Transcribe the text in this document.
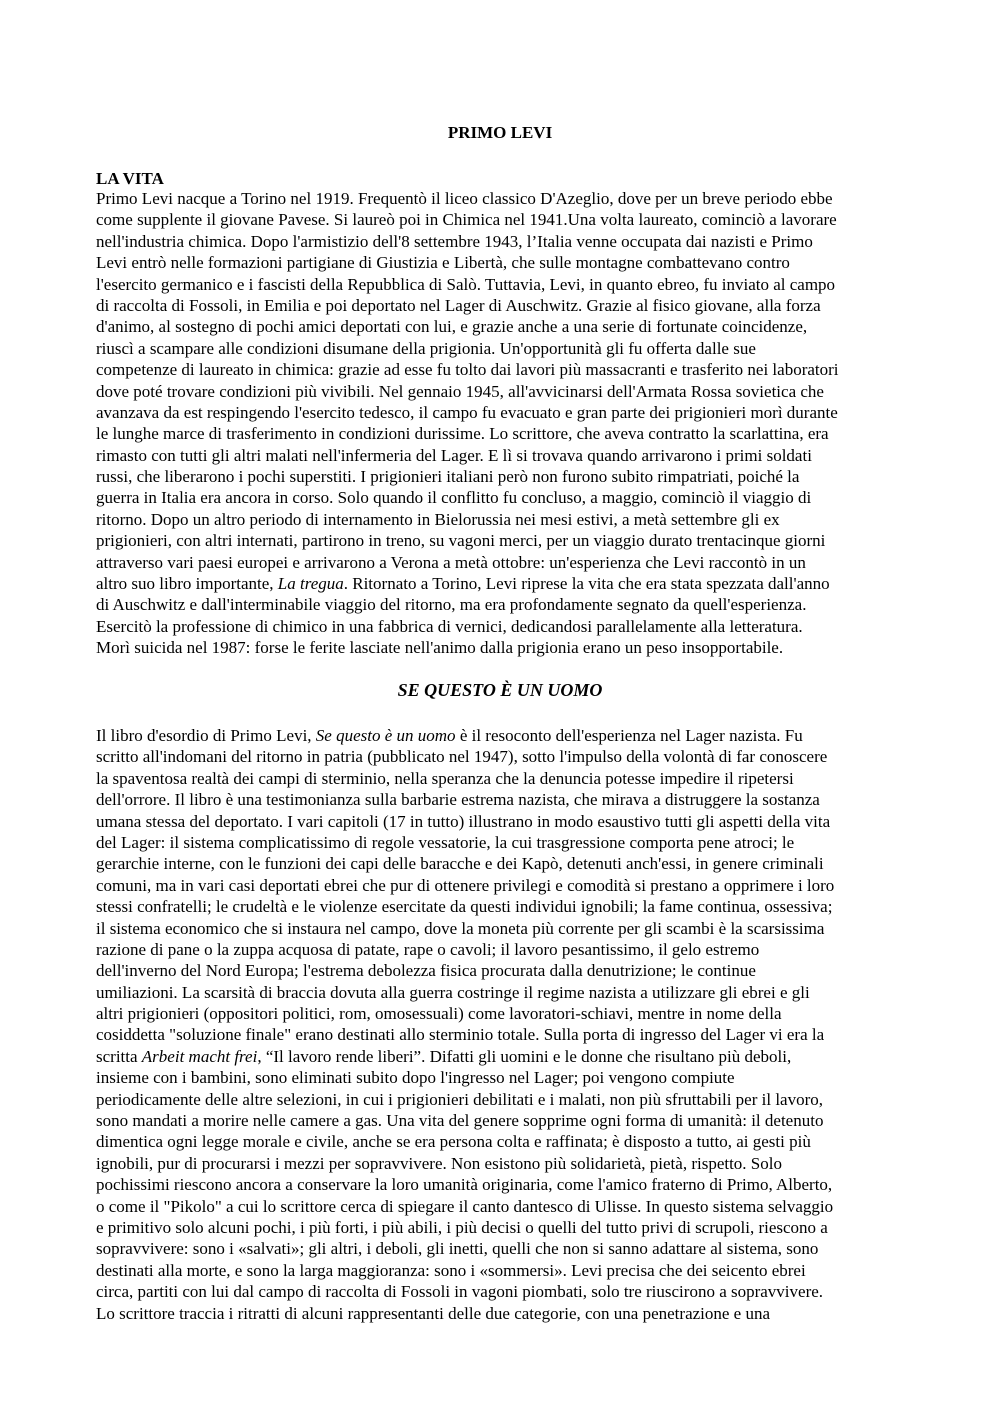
PRIMO LEVI
LA VITA
Primo Levi nacque a Torino nel 1919. Frequentò il liceo classico D'Azeglio, dove per un breve periodo ebbe
come supplente il giovane Pavese. Si laureò poi in Chimica nel 1941.Una volta laureato, cominciò a lavorare
nell'industria chimica. Dopo l'armistizio dell'8 settembre 1943, l’Italia venne occupata dai nazisti e Primo
Levi entrò nelle formazioni partigiane di Giustizia e Libertà, che sulle montagne combattevano contro
l'esercito germanico e i fascisti della Repubblica di Salò. Tuttavia, Levi, in quanto ebreo, fu inviato al campo
di raccolta di Fossoli, in Emilia e poi deportato nel Lager di Auschwitz. Grazie al fisico giovane, alla forza
d'animo, al sostegno di pochi amici deportati con lui, e grazie anche a una serie di fortunate coincidenze,
riuscì a scampare alle condizioni disumane della prigionia. Un'opportunità gli fu offerta dalle sue
competenze di laureato in chimica: grazie ad esse fu tolto dai lavori più massacranti e trasferito nei laboratori
dove poté trovare condizioni più vivibili. Nel gennaio 1945, all'avvicinarsi dell'Armata Rossa sovietica che
avanzava da est respingendo l'esercito tedesco, il campo fu evacuato e gran parte dei prigionieri morì durante
le lunghe marce di trasferimento in condizioni durissime. Lo scrittore, che aveva contratto la scarlattina, era
rimasto con tutti gli altri malati nell'infermeria del Lager. E lì si trovava quando arrivarono i primi soldati
russi, che liberarono i pochi superstiti. I prigionieri italiani però non furono subito rimpatriati, poiché la
guerra in Italia era ancora in corso. Solo quando il conflitto fu concluso, a maggio, cominciò il viaggio di
ritorno. Dopo un altro periodo di internamento in Bielorussia nei mesi estivi, a metà settembre gli ex
prigionieri, con altri internati, partirono in treno, su vagoni merci, per un viaggio durato trentacinque giorni
attraverso vari paesi europei e arrivarono a Verona a metà ottobre: un'esperienza che Levi raccontò in un
altro suo libro importante, La tregua. Ritornato a Torino, Levi riprese la vita che era stata spezzata dall'anno
di Auschwitz e dall'interminabile viaggio del ritorno, ma era profondamente segnato da quell'esperienza.
Esercitò la professione di chimico in una fabbrica di vernici, dedicandosi parallelamente alla letteratura.
Morì suicida nel 1987: forse le ferite lasciate nell'animo dalla prigionia erano un peso insopportabile.
SE QUESTO È UN UOMO
Il libro d'esordio di Primo Levi, Se questo è un uomo è il resoconto dell'esperienza nel Lager nazista. Fu
scritto all'indomani del ritorno in patria (pubblicato nel 1947), sotto l'impulso della volontà di far conoscere
la spaventosa realtà dei campi di sterminio, nella speranza che la denuncia potesse impedire il ripetersi
dell'orrore. Il libro è una testimonianza sulla barbarie estrema nazista, che mirava a distruggere la sostanza
umana stessa del deportato. I vari capitoli (17 in tutto) illustrano in modo esaustivo tutti gli aspetti della vita
del Lager: il sistema complicatissimo di regole vessatorie, la cui trasgressione comporta pene atroci; le
gerarchie interne, con le funzioni dei capi delle baracche e dei Kapò, detenuti anch'essi, in genere criminali
comuni, ma in vari casi deportati ebrei che pur di ottenere privilegi e comodità si prestano a opprimere i loro
stessi confratelli; le crudeltà e le violenze esercitate da questi individui ignobili; la fame continua, ossessiva;
il sistema economico che si instaura nel campo, dove la moneta più corrente per gli scambi è la scarsissima
razione di pane o la zuppa acquosa di patate, rape o cavoli; il lavoro pesantissimo, il gelo estremo
dell'inverno del Nord Europa; l'estrema debolezza fisica procurata dalla denutrizione; le continue
umiliazioni. La scarsità di braccia dovuta alla guerra costringe il regime nazista a utilizzare gli ebrei e gli
altri prigionieri (oppositori politici, rom, omosessuali) come lavoratori-schiavi, mentre in nome della
cosiddetta "soluzione finale" erano destinati allo sterminio totale. Sulla porta di ingresso del Lager vi era la
scritta Arbeit macht frei, “Il lavoro rende liberi”. Difatti gli uomini e le donne che risultano più deboli,
insieme con i bambini, sono eliminati subito dopo l'ingresso nel Lager; poi vengono compiute
periodicamente delle altre selezioni, in cui i prigionieri debilitati e i malati, non più sfruttabili per il lavoro,
sono mandati a morire nelle camere a gas. Una vita del genere sopprime ogni forma di umanità: il detenuto
dimentica ogni legge morale e civile, anche se era persona colta e raffinata; è disposto a tutto, ai gesti più
ignobili, pur di procurarsi i mezzi per sopravvivere. Non esistono più solidarietà, pietà, rispetto. Solo
pochissimi riescono ancora a conservare la loro umanità originaria, come l'amico fraterno di Primo, Alberto,
o come il "Pikolo" a cui lo scrittore cerca di spiegare il canto dantesco di Ulisse. In questo sistema selvaggio
e primitivo solo alcuni pochi, i più forti, i più abili, i più decisi o quelli del tutto privi di scrupoli, riescono a
sopravvivere: sono i «salvati»; gli altri, i deboli, gli inetti, quelli che non si sanno adattare al sistema, sono
destinati alla morte, e sono la larga maggioranza: sono i «sommersi». Levi precisa che dei seicento ebrei
circa, partiti con lui dal campo di raccolta di Fossoli in vagoni piombati, solo tre riuscirono a sopravvivere.
Lo scrittore traccia i ritratti di alcuni rappresentanti delle due categorie, con una penetrazione e una
